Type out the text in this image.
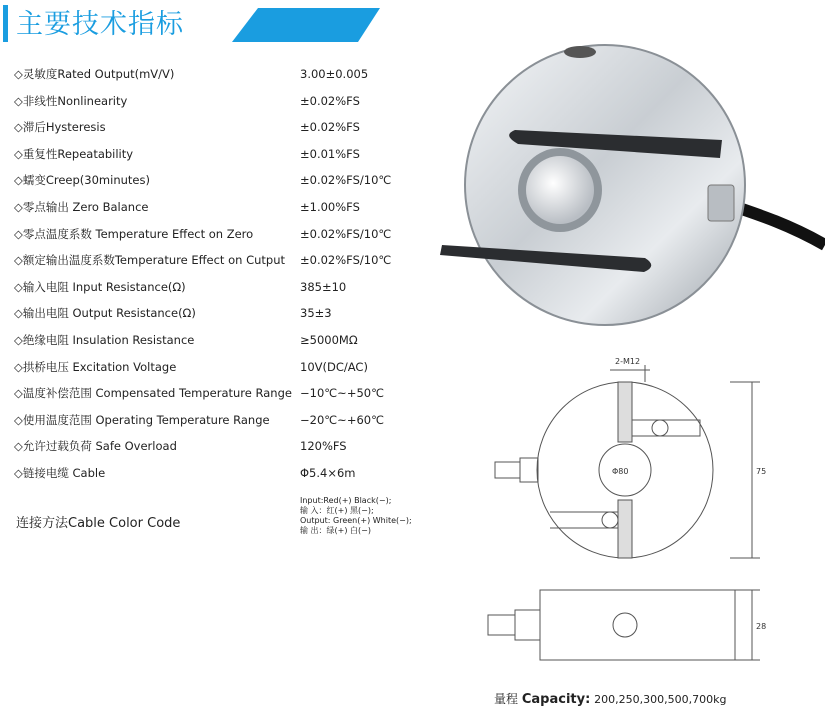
主要技术指标
◇灵敏度Rated Output(mV/V)	3.00±0.005
◇非线性Nonlinearity	±0.02%FS
◇滞后Hysteresis	±0.02%FS
◇重复性Repeatability	±0.01%FS
◇蠕变Creep(30minutes)	±0.02%FS/10℃
◇零点输出 Zero Balance	±1.00%FS
◇零点温度系数 Temperature Effect on Zero	±0.02%FS/10℃
◇额定输出温度系数Temperature Effect on Cutput ±0.02%FS/10℃
◇输入电阻 Input Resistance(Ω)	385±10
◇输出电阻 Output Resistance(Ω)	35±3
◇绝缘电阻 Insulation Resistance	≥5000MΩ
◇拱桥电压 Excitation Voltage	10V(DC/AC)
◇温度补偿范围 Compensated Temperature Range −10℃~+50℃
◇使用温度范围 Operating Temperature Range	−20℃~+60℃
◇允许过载负荷 Safe Overload	120%FS
◇链接电缆 Cable	Φ5.4×6m
连接方法Cable Color Code
Input:Red(+) Black(−);
输 入：红(+) 黑(−);
Output: Green(+) White(−);
输 出：绿(+) 白(−)
2-M12
Φ80	75
28
量程 Capacity: 200,250,300,500,700kg
